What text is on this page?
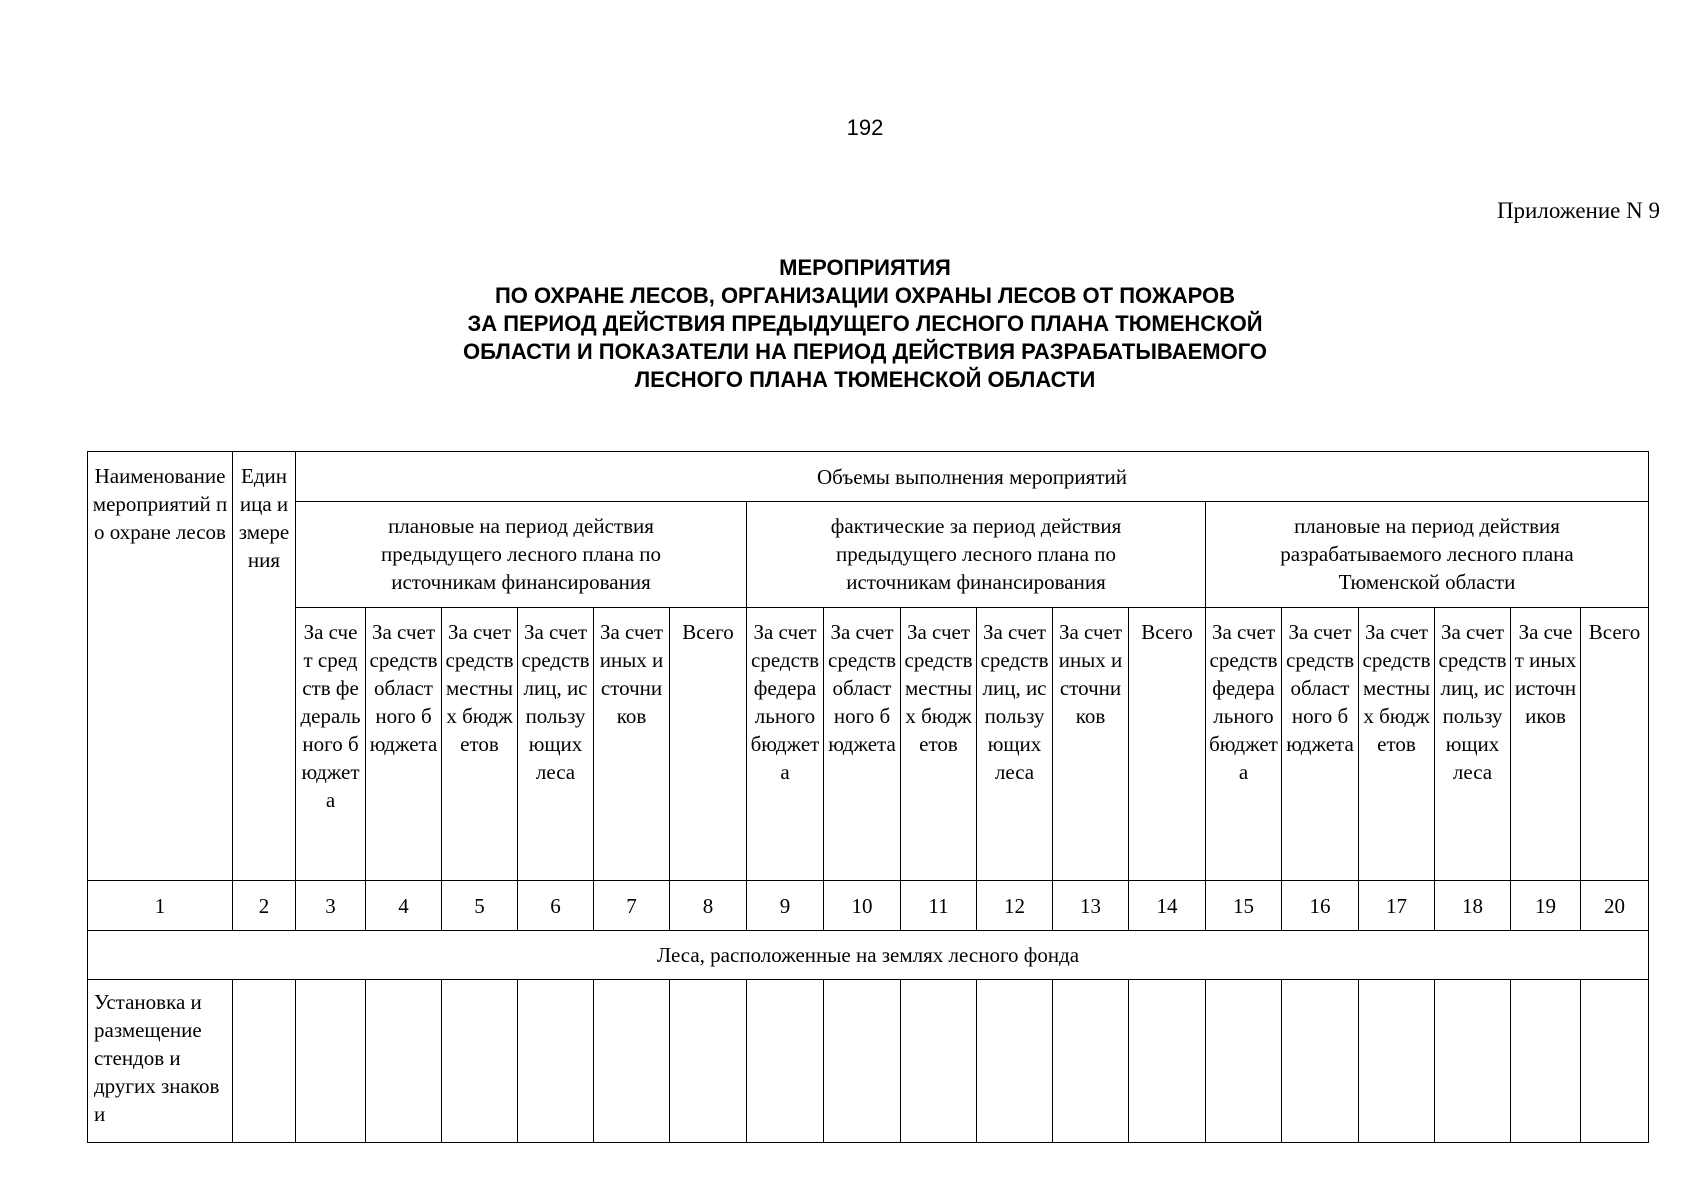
192
Приложение N 9
МЕРОПРИЯТИЯ
ПО ОХРАНЕ ЛЕСОВ, ОРГАНИЗАЦИИ ОХРАНЫ ЛЕСОВ ОТ ПОЖАРОВ
ЗА ПЕРИОД ДЕЙСТВИЯ ПРЕДЫДУЩЕГО ЛЕСНОГО ПЛАНА ТЮМЕНСКОЙ
ОБЛАСТИ И ПОКАЗАТЕЛИ НА ПЕРИОД ДЕЙСТВИЯ РАЗРАБАТЫВАЕМОГО
ЛЕСНОГО ПЛАНА ТЮМЕНСКОЙ ОБЛАСТИ
Наименование мероприятий по охране лесов	Единица измерения	Объемы выполнения мероприятий																		
		плановые на период действия предыдущего лесного плана по источникам финансирования						фактические за период действия предыдущего лесного плана по источникам финансирования						плановые на период действия разрабатываемого лесного плана Тюменской области						
		За счет средств федерального бюджета	За счет средств областного бюджета	За счет средств местных бюджетов	За счет средств лиц, использующих леса	За счет иных источников	Всего	За счет средств федерального бюджета	За счет средств областного бюджета	За счет средств местных бюджетов	За счет средств лиц, использующих леса	За счет иных источников	Всего	За счет средств федерального бюджета	За счет средств областного бюджета	За счет средств местных бюджетов	За счет средств лиц, использующих леса	За счет иных источников	Всего	
1	2	3	4	5	6	7	8	9	10	11	12	13	14	15	16	17	18	19	20	
Леса, расположенные на землях лесного фонда																				
Установка и размещение стендов и других знаков и																				
